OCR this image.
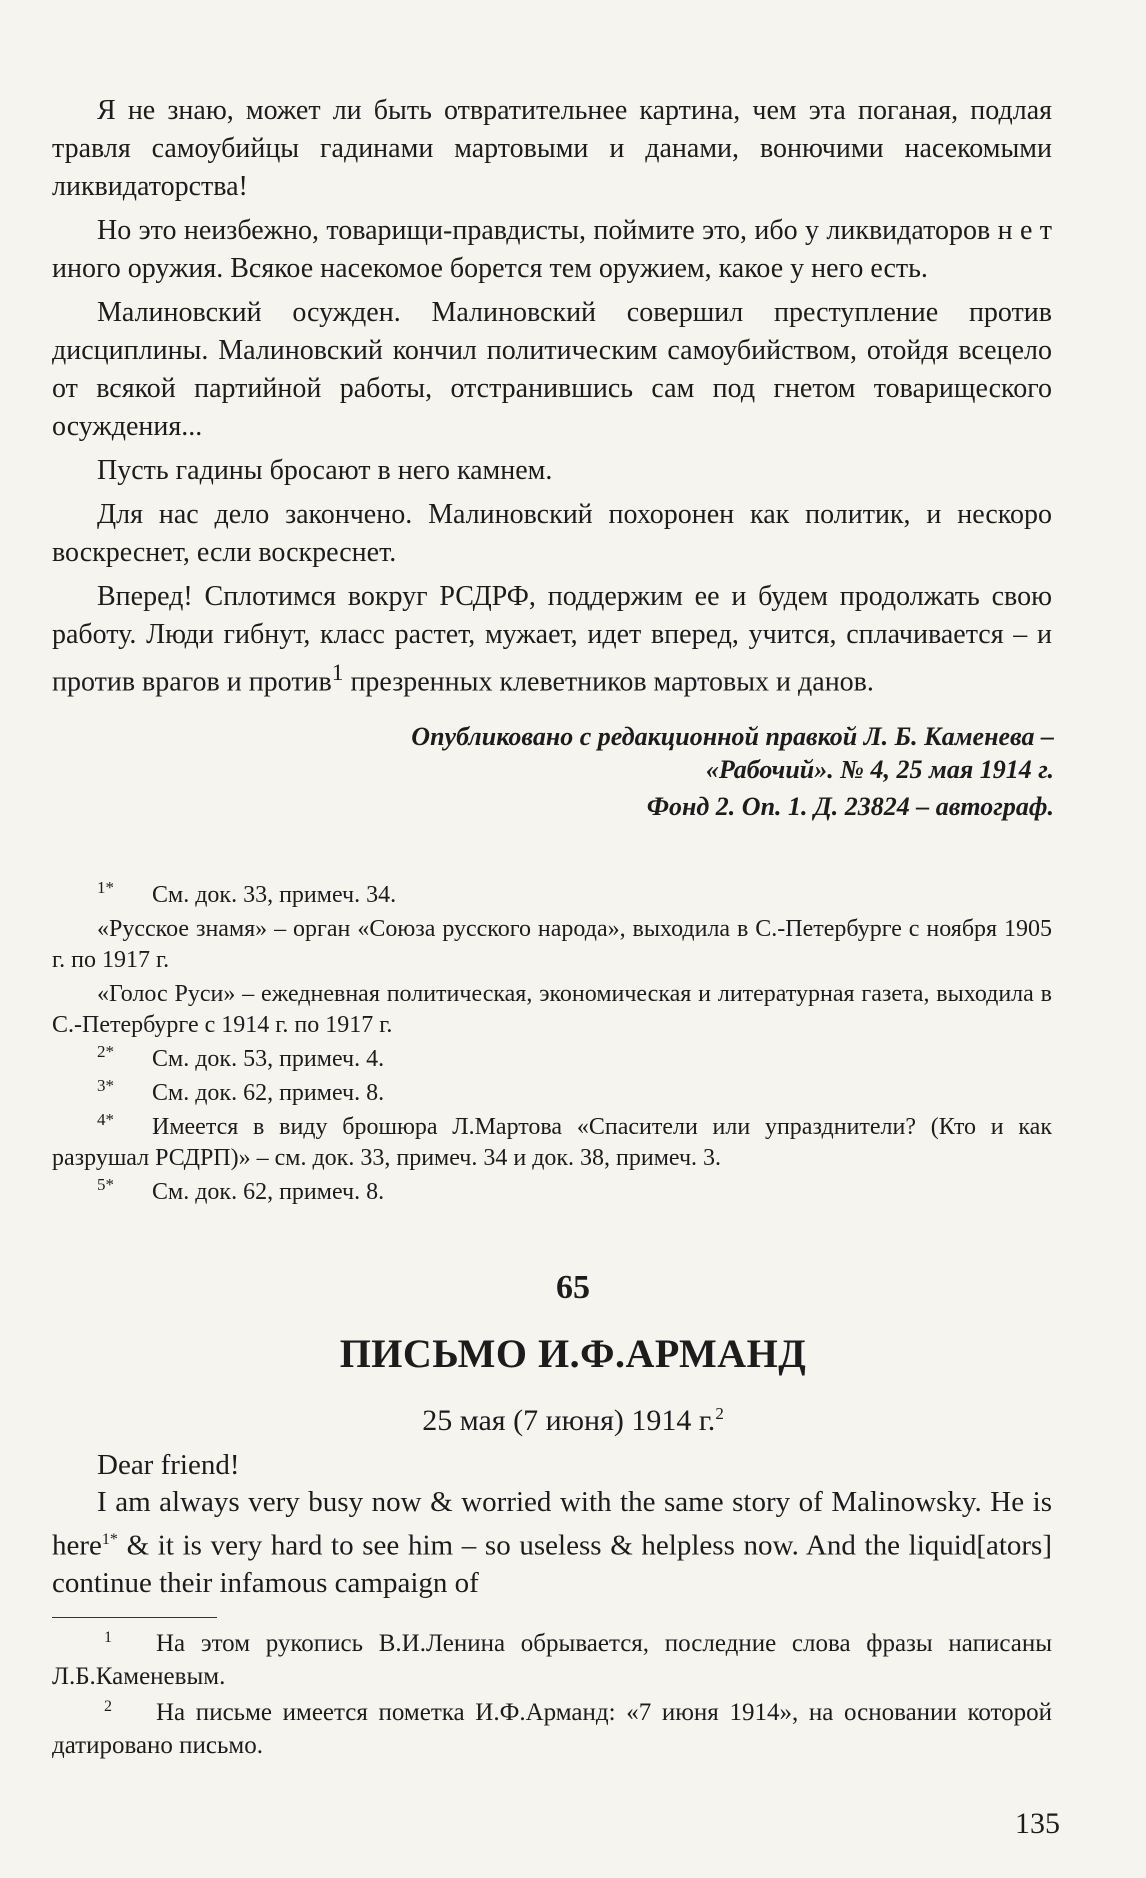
Я не знаю, может ли быть отвратительнее картина, чем эта поганая, подлая травля самоубийцы гадинами мартовыми и данами, вонючими насекомыми ликвидаторства!

Но это неизбежно, товарищи-правдисты, поймите это, ибо у ликвидаторов н е т иного оружия. Всякое насекомое борется тем оружием, какое у него есть.

Малиновский осужден. Малиновский совершил преступление против дисциплины. Малиновский кончил политическим самоубийством, отойдя всецело от всякой партийной работы, отстранившись сам под гнетом товарищеского осуждения...

Пусть гадины бросают в него камнем.

Для нас дело закончено. Малиновский похоронен как политик, и нескоро воскреснет, если воскреснет.

Вперед! Сплотимся вокруг РСДРФ, поддержим ее и будем продолжать свою работу. Люди гибнут, класс растет, мужает, идет вперед, учится, сплачивается – и против врагов и против$^1$ презренных клеветников мартовых и данов.

Опубликовано с редакционной правкой Л. Б. Каменева – «Рабочий». № 4, 25 мая 1914 г.
Фонд 2. Оп. 1. Д. 23824 – автограф.

1* См. док. 33, примеч. 34.

«Русское знамя» – орган «Союза русского народа», выходила в С.-Петербурге с ноября 1905 г. по 1917 г.

«Голос Руси» – ежедневная политическая, экономическая и литературная газета, выходила в С.-Петербурге с 1914 г. по 1917 г.

2* См. док. 53, примеч. 4.

3* См. док. 62, примеч. 8.

4* Имеется в виду брошюра Л.Мартова «Спасители или упразднители? (Кто и как разрушал РСДРП)» – см. док. 33, примеч. 34 и док. 38, примеч. 3.

5* См. док. 62, примеч. 8.

65
ПИСЬМО И.Ф.АРМАНД
25 мая (7 июня) 1914 г.$^2$

Dear friend!

I am always very busy now & worried with the same story of Malinowsky. He is here$^{1*}$ & it is very hard to see him – so useless & helpless now. And the liquid[ators] continue their infamous campaign of

1 На этом рукопись В.И.Ленина обрывается, последние слова фразы написаны Л.Б.Каменевым.

2 На письме имеется пометка И.Ф.Арманд: «7 июня 1914», на основании которой датировано письмо.

135
